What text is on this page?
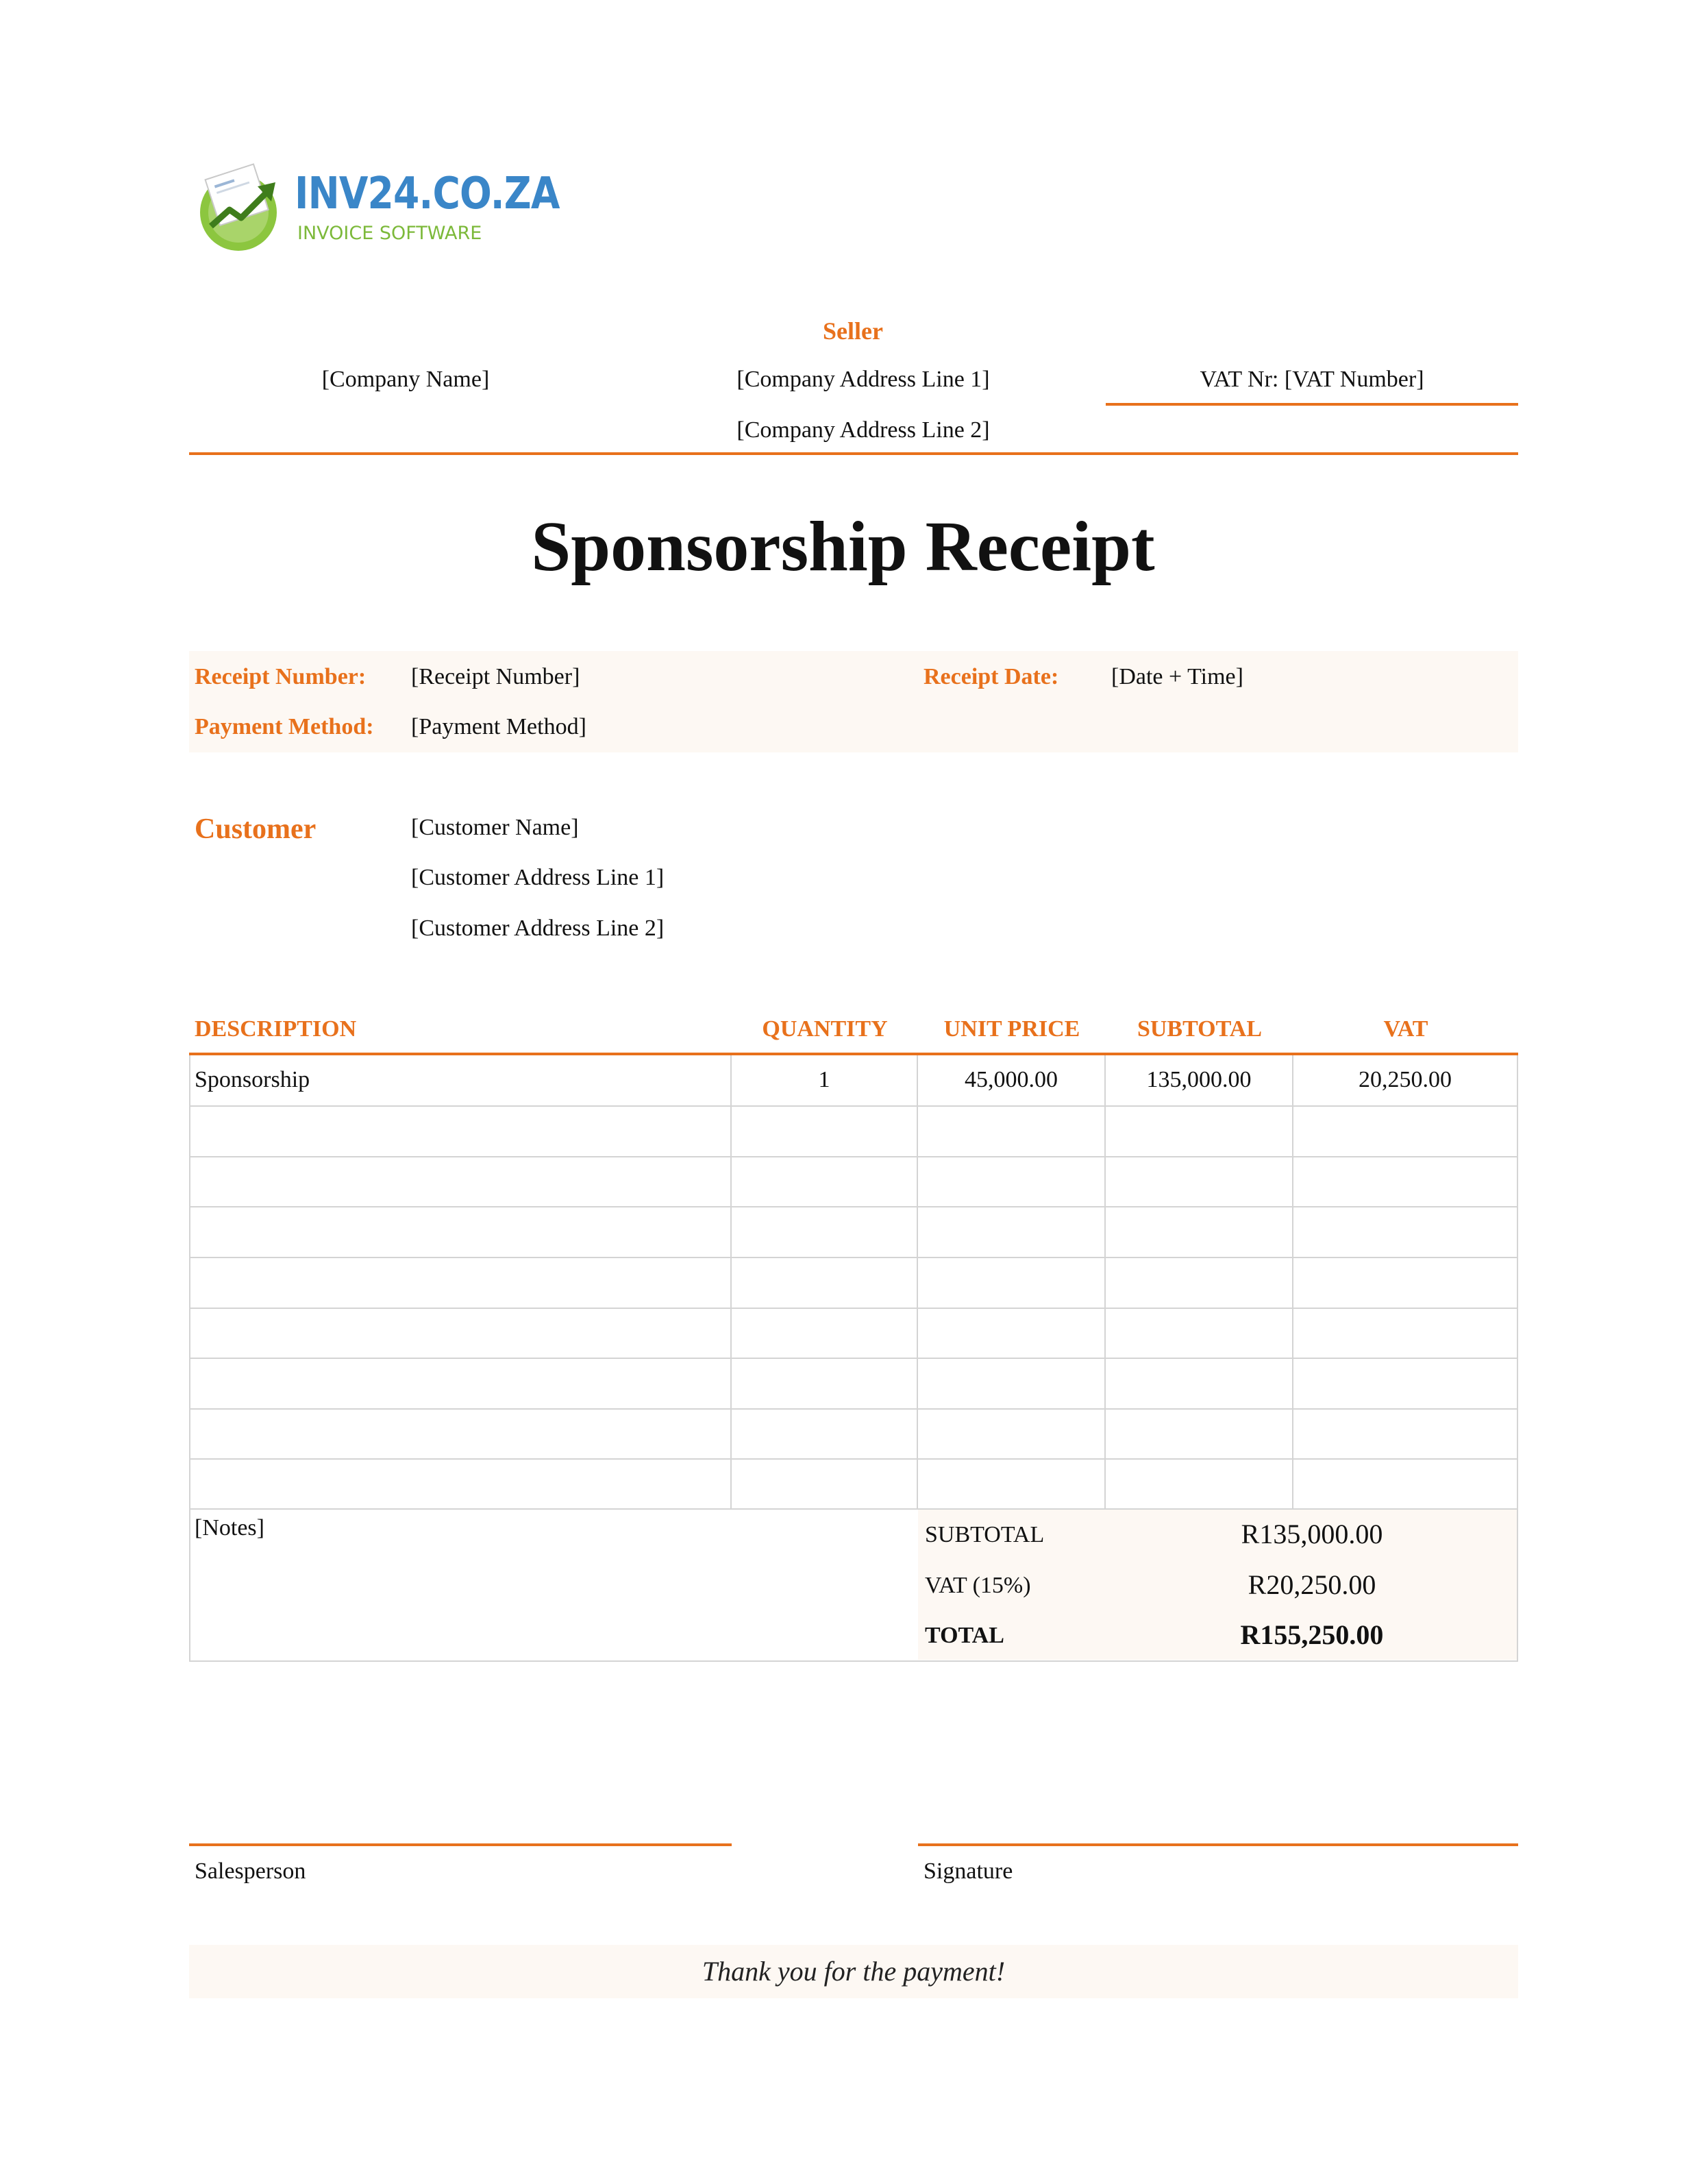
INV24.CO.ZA
INVOICE SOFTWARE
Seller
[Company Name]	[Company Address Line 1]
[Company Address Line 2]
VAT Nr: [VAT Number]
Sponsorship Receipt
Receipt Number: [Receipt Number]	Receipt Date: [Date + Time]
Payment Method: [Payment Method]
Customer	[Customer Name]
[Customer Address Line 1]
[Customer Address Line 2]
DESCRIPTION	QUANTITY	UNIT PRICE	SUBTOTAL	VAT
Sponsorship	1	45,000.00	135,000.00	20,250.00
[Notes]	SUBTOTAL	R135,000.00
VAT (15%)	R20,250.00
TOTAL	R155,250.00
Salesperson	Signature
Thank you for the payment!
